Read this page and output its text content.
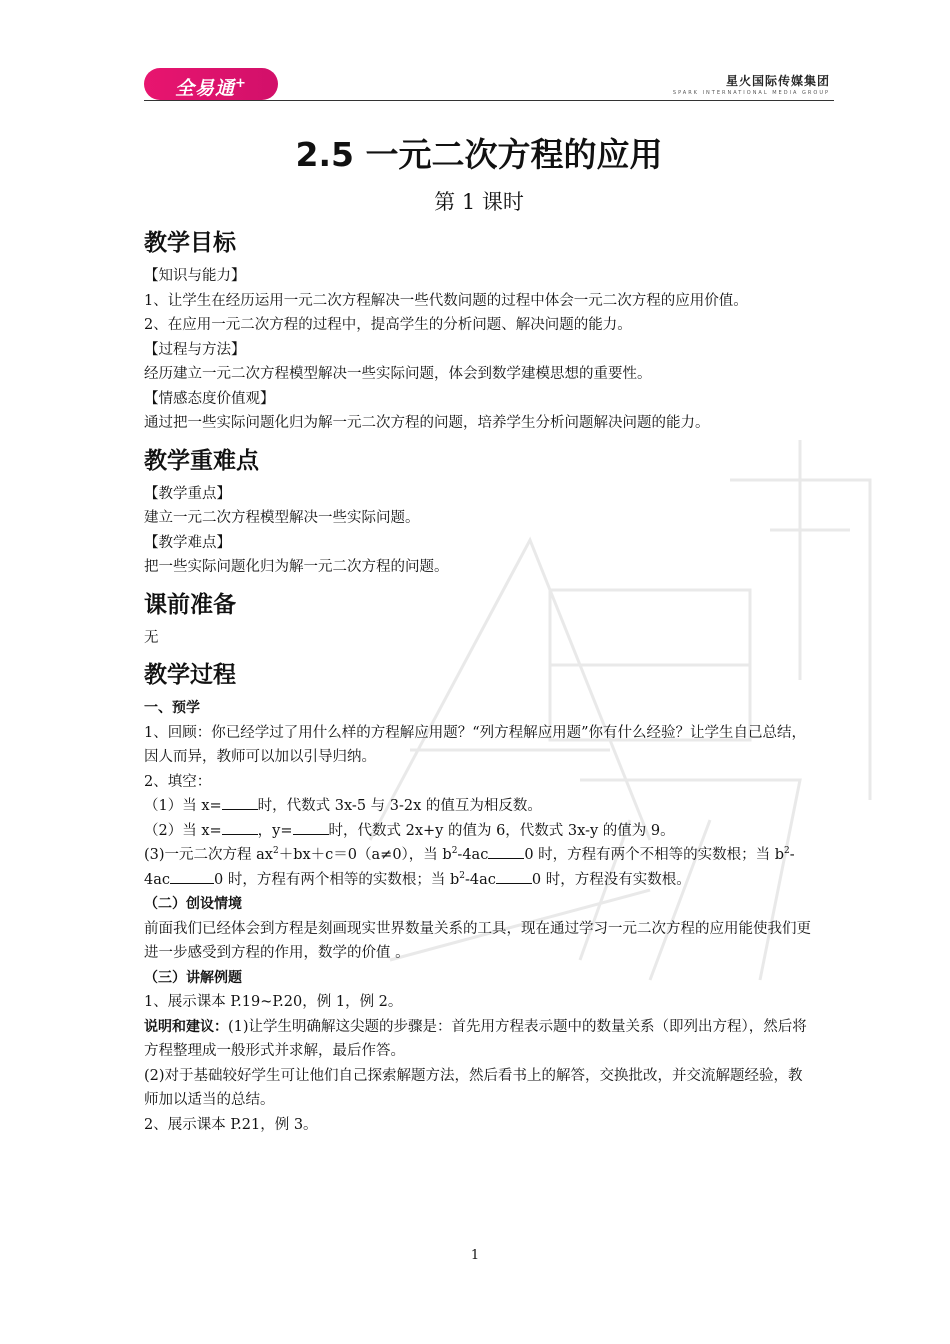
全易通+	星火国际传媒集团
SPARK INTERNATIONAL MEDIA GROUP
2.5 一元二次方程的应用
第 1 课时
教学目标

【知识与能力】

1、让学生在经历运用一元二次方程解决一些代数问题的过程中体会一元二次方程的应用价值。

2、在应用一元二次方程的过程中，提高学生的分析问题、解决问题的能力。

【过程与方法】

经历建立一元二次方程模型解决一些实际问题，体会到数学建模思想的重要性。

【情感态度价值观】

通过把一些实际问题化归为解一元二次方程的问题，培养学生分析问题解决问题的能力。

教学重难点

【教学重点】

建立一元二次方程模型解决一些实际问题。

【教学难点】

把一些实际问题化归为解一元二次方程的问题。

课前准备

无

教学过程

一、预学

1、回顾：你已经学过了用什么样的方程解应用题？“列方程解应用题”你有什么经验？让学生自己总结，因人而异，教师可以加以引导归纳。

2、填空：

（1）当 x= 时，代数式 3x-5 与 3-2x 的值互为相反数。

（2）当 x= ，y= 时，代数式 2x+y 的值为 6，代数式 3x-y 的值为 9。

(3)一元二次方程 $ax^2+bx+c=0(a\ne 0)$，当 $b^2-4ac$ 0 时，方程有两个不相等的实数根；当 $b^2-4ac$	0 时，方程有两个相等的实数根；当 $b^2-4ac$ 0 时，方程没有实数根。

（二）创设情境

前面我们已经体会到方程是刻画现实世界数量关系的工具，现在通过学习一元二次方程的应用能使我们更进一步感受到方程的作用，数学的价值 。

（三）讲解例题

1、展示课本 P.19~P.20，例 1，例 2。

说明和建议：(1)让学生明确解这尖题的步骤是：首先用方程表示题中的数量关系（即列出方程），然后将方程整理成一般形式并求解，最后作答。

(2)对于基础较好学生可让他们自己探索解题方法，然后看书上的解答，交换批改，并交流解题经验，教师加以适当的总结。

2、展示课本 P.21，例 3。

1
